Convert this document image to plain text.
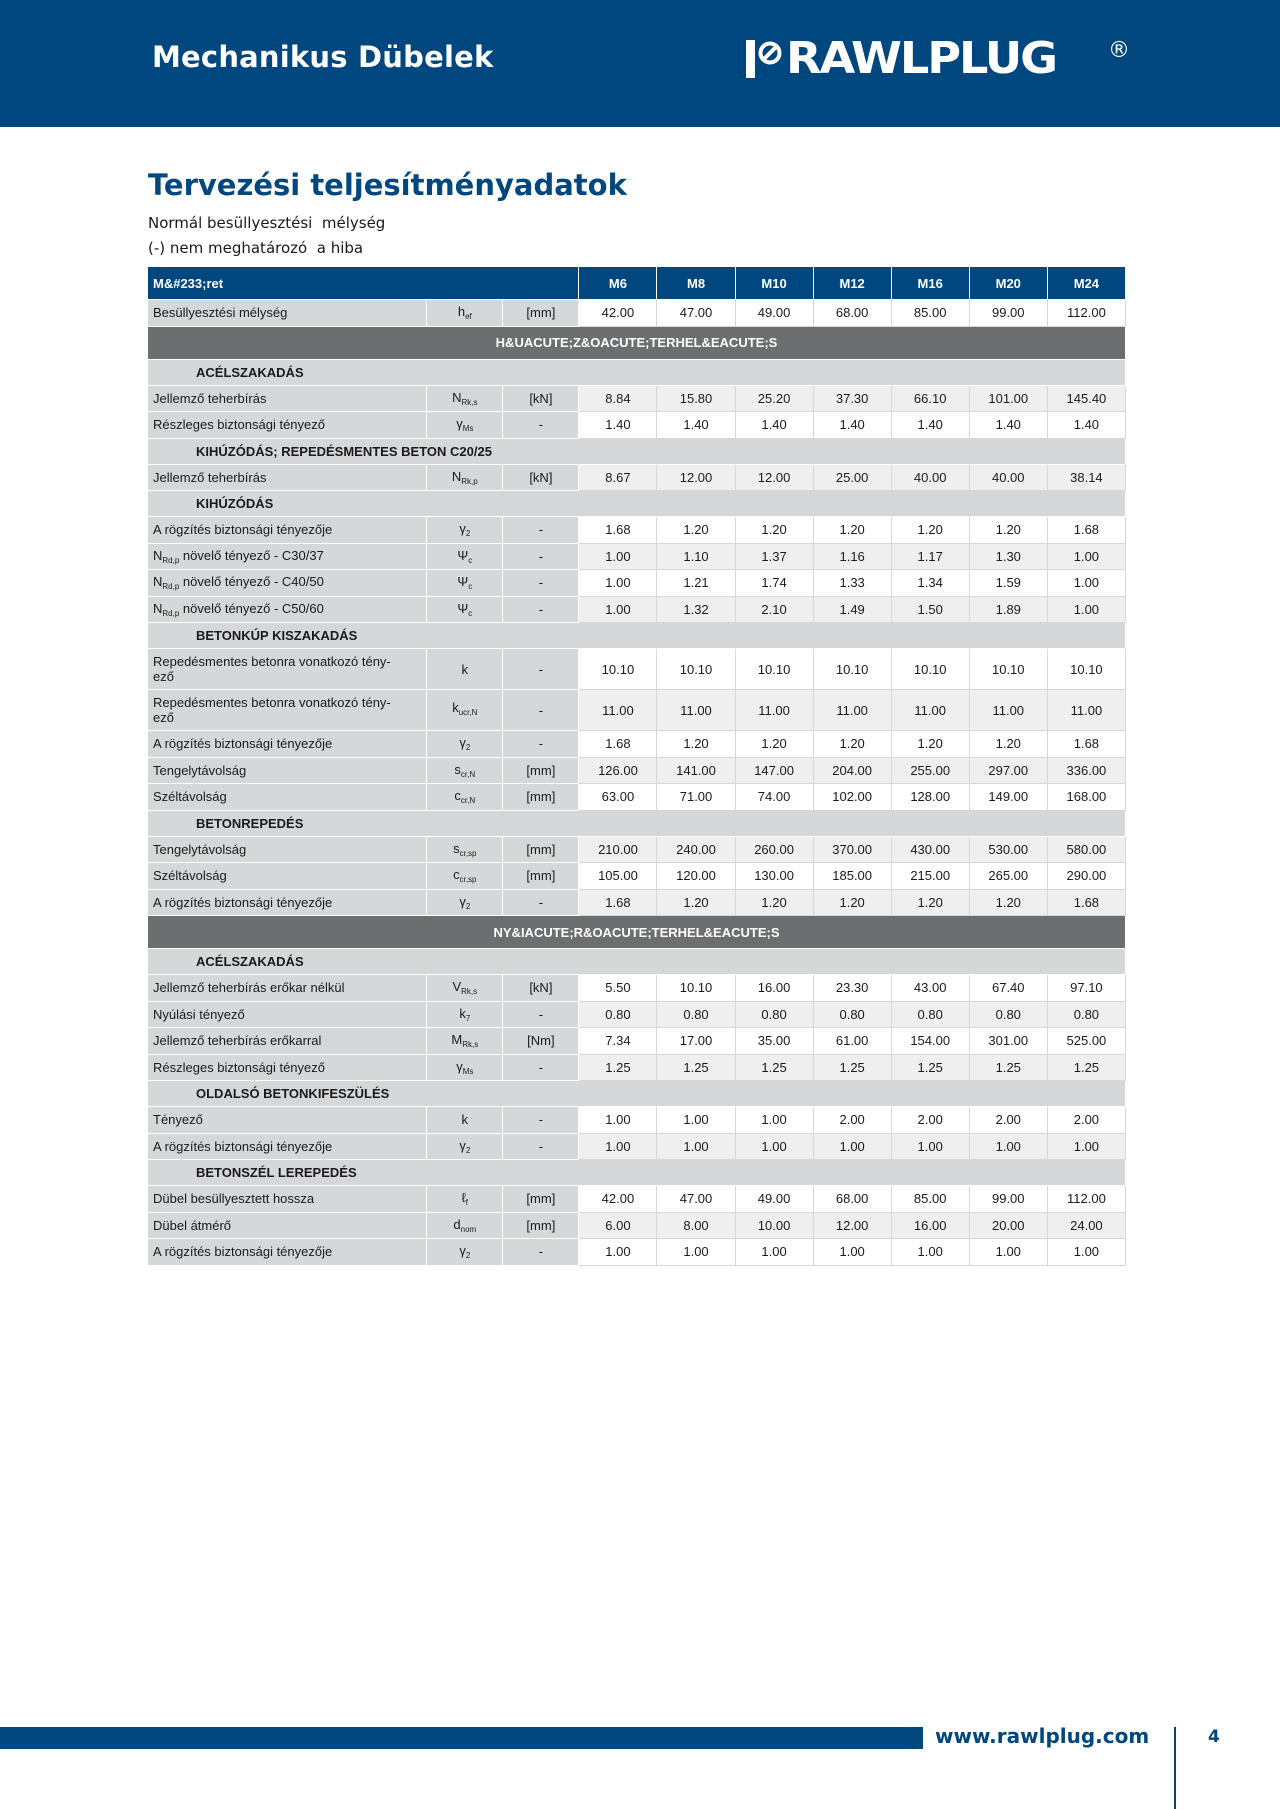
Mechanikus Dübelek	RAWLPLUG ®
Tervezési teljesítményadatok
Normál besüllyesztési  mélység
(-) nem meghatározó  a hiba
M&#233;ret			M6	M8	M10	M12	M16	M20	M24
Besüllyesztési mélység	$h_{ef}$	[mm]	42.00	47.00	49.00	68.00	85.00	99.00	112.00
H&UACUTE;Z&OACUTE;TERHEL&EACUTE;S									
ACÉLSZAKADÁS									
Jellemző teherbírás	$N_{Rk,s}$	[kN]	8.84	15.80	25.20	37.30	66.10	101.00	145.40
Részleges biztonsági tényező	$\gamma_{Ms}$	-	1.40	1.40	1.40	1.40	1.40	1.40	1.40
KIHÚZÓDÁS; REPEDÉSMENTES BETON C20/25									
Jellemző teherbírás	$N_{Rk,p}$	[kN]	8.67	12.00	12.00	25.00	40.00	40.00	38.14
KIHÚZÓDÁS									
A rögzítés biztonsági tényezője	$\gamma_2$	-	1.68	1.20	1.20	1.20	1.20	1.20	1.68
$N_{Rd,p}$ növelő tényező - C30/37	$\Psi_c$	-	1.00	1.10	1.37	1.16	1.17	1.30	1.00
$N_{Rd,p}$ növelő tényező - C40/50	$\Psi_c$	-	1.00	1.21	1.74	1.33	1.34	1.59	1.00
$N_{Rd,p}$ növelő tényező - C50/60	$\Psi_c$	-	1.00	1.32	2.10	1.49	1.50	1.89	1.00
BETONKÚP KISZAKADÁS									
Repedésmentes betonra vonatkozó tény-
ező	k	-	10.10	10.10	10.10	10.10	10.10	10.10	10.10
Repedésmentes betonra vonatkozó tény-
ező	$k_{ucr,N}$	-	11.00	11.00	11.00	11.00	11.00	11.00	11.00
A rögzítés biztonsági tényezője	$\gamma_2$	-	1.68	1.20	1.20	1.20	1.20	1.20	1.68
Tengelytávolság	$s_{cr,N}$	[mm]	126.00	141.00	147.00	204.00	255.00	297.00	336.00
Széltávolság	$c_{cr,N}$	[mm]	63.00	71.00	74.00	102.00	128.00	149.00	168.00
BETONREPEDÉS									
Tengelytávolság	$s_{cr,sp}$	[mm]	210.00	240.00	260.00	370.00	430.00	530.00	580.00
Széltávolság	$c_{cr,sp}$	[mm]	105.00	120.00	130.00	185.00	215.00	265.00	290.00
A rögzítés biztonsági tényezője	$\gamma_2$	-	1.68	1.20	1.20	1.20	1.20	1.20	1.68
NY&IACUTE;R&OACUTE;TERHEL&EACUTE;S									
ACÉLSZAKADÁS									
Jellemző teherbírás erőkar nélkül	$V_{Rk,s}$	[kN]	5.50	10.10	16.00	23.30	43.00	67.40	97.10
Nyúlási tényező	$k_7$	-	0.80	0.80	0.80	0.80	0.80	0.80	0.80
Jellemző teherbírás erőkarral	$M_{Rk,s}$	[Nm]	7.34	17.00	35.00	61.00	154.00	301.00	525.00
Részleges biztonsági tényező	$\gamma_{Ms}$	-	1.25	1.25	1.25	1.25	1.25	1.25	1.25
OLDALSÓ BETONKIFESZÜLÉS									
Tényező	k	-	1.00	1.00	1.00	2.00	2.00	2.00	2.00
A rögzítés biztonsági tényezője	$\gamma_2$	-	1.00	1.00	1.00	1.00	1.00	1.00	1.00
BETONSZÉL LEREPEDÉS									
Dübel besüllyesztett hossza	ℓ$_f$	[mm]	42.00	47.00	49.00	68.00	85.00	99.00	112.00
Dübel átmérő	$d_{nom}$	[mm]	6.00	8.00	10.00	12.00	16.00	20.00	24.00
A rögzítés biztonsági tényezője	$\gamma_2$	-	1.00	1.00	1.00	1.00	1.00	1.00	1.00
www.rawlplug.com	4
